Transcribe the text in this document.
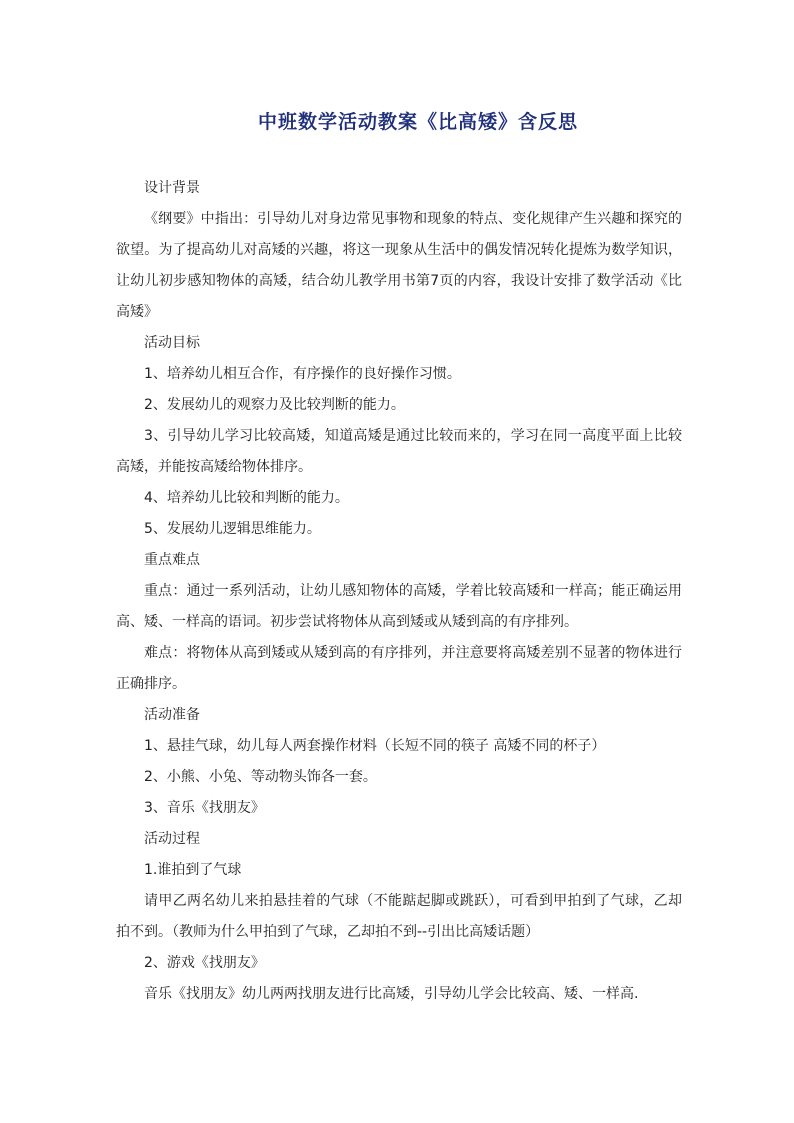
中班数学活动教案《比高矮》含反思

设计背景

《纲要》中指出：引导幼儿对身边常见事物和现象的特点、变化规律产生兴趣和探究的欲望。为了提高幼儿对高矮的兴趣，将这一现象从生活中的偶发情况转化提炼为数学知识，让幼儿初步感知物体的高矮，结合幼儿教学用书第7页的内容，我设计安排了数学活动《比高矮》

活动目标

1、培养幼儿相互合作，有序操作的良好操作习惯。

2、发展幼儿的观察力及比较判断的能力。

3、引导幼儿学习比较高矮，知道高矮是通过比较而来的，学习在同一高度平面上比较高矮，并能按高矮给物体排序。

4、培养幼儿比较和判断的能力。

5、发展幼儿逻辑思维能力。

重点难点

重点：通过一系列活动，让幼儿感知物体的高矮，学着比较高矮和一样高；能正确运用高、矮、一样高的语词。初步尝试将物体从高到矮或从矮到高的有序排列。

难点：将物体从高到矮或从矮到高的有序排列，并注意要将高矮差别不显著的物体进行正确排序。

活动准备

1、悬挂气球，幼儿每人两套操作材料（长短不同的筷子 高矮不同的杯子）

2、小熊、小兔、等动物头饰各一套。

3、音乐《找朋友》

活动过程

1.谁拍到了气球

请甲乙两名幼儿来拍悬挂着的气球（不能踮起脚或跳跃），可看到甲拍到了气球，乙却拍不到。（教师为什么甲拍到了气球，乙却拍不到--引出比高矮话题）

2、游戏《找朋友》

音乐《找朋友》幼儿两两找朋友进行比高矮，引导幼儿学会比较高、矮、一样高.
